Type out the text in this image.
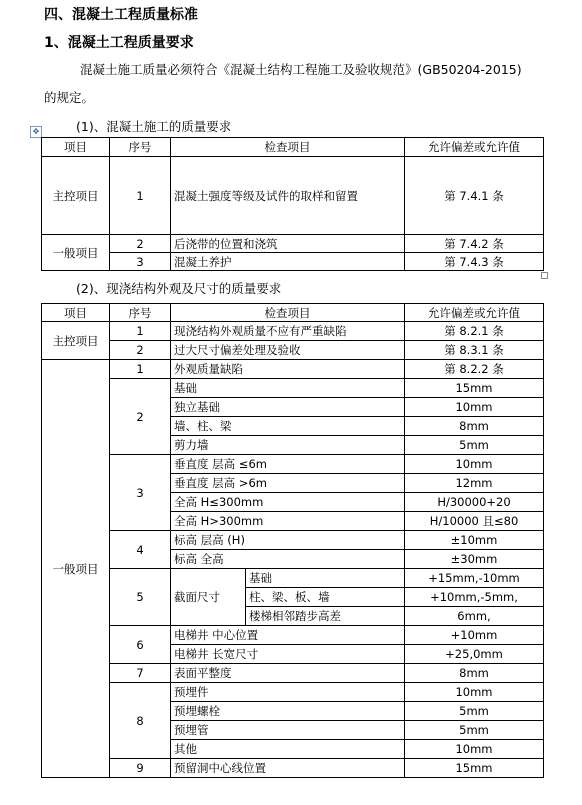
四、混凝土工程质量标准
1、混凝土工程质量要求
混凝土施工质量必须符合《混凝土结构工程施工及验收规范》(GB50204-2015)
的规定。
(1)、混凝土施工的质量要求
✥
项目	序号	检查项目	允许偏差或允许值
主控项目	1	混凝土强度等级及试件的取样和留置	第 7.4.1 条
一般项目	2	后浇带的位置和浇筑	第 7.4.2 条
	3	混凝土养护	第 7.4.3 条
(2)、现浇结构外观及尺寸的质量要求
项目	序号	检查项目		允许偏差或允许值
主控项目	1	现浇结构外观质量不应有严重缺陷		第 8.2.1 条
	2	过大尺寸偏差处理及验收		第 8.3.1 条
一般项目	1	外观质量缺陷		第 8.2.2 条
	2	基础		15mm
		独立基础		10mm
		墙、柱、梁		8mm
		剪力墙		5mm
	3	垂直度 层高 ≤6m		10mm
		垂直度 层高 >6m		12mm
		全高 H≤300mm		H/30000+20
		全高 H>300mm		H/10000 且≤80
	4	标高 层高 (H)		±10mm
		标高 全高		±30mm
	5	截面尺寸	基础	+15mm,-10mm
			柱、梁、板、墙	+10mm,-5mm,
			楼梯相邻踏步高差	6mm,
	6	电梯井 中心位置		+10mm
		电梯井 长宽尺寸		+25,0mm
	7	表面平整度		8mm
	8	预埋件		10mm
		预埋螺栓		5mm
		预埋管		5mm
		其他		10mm
	9	预留洞中心线位置		15mm
